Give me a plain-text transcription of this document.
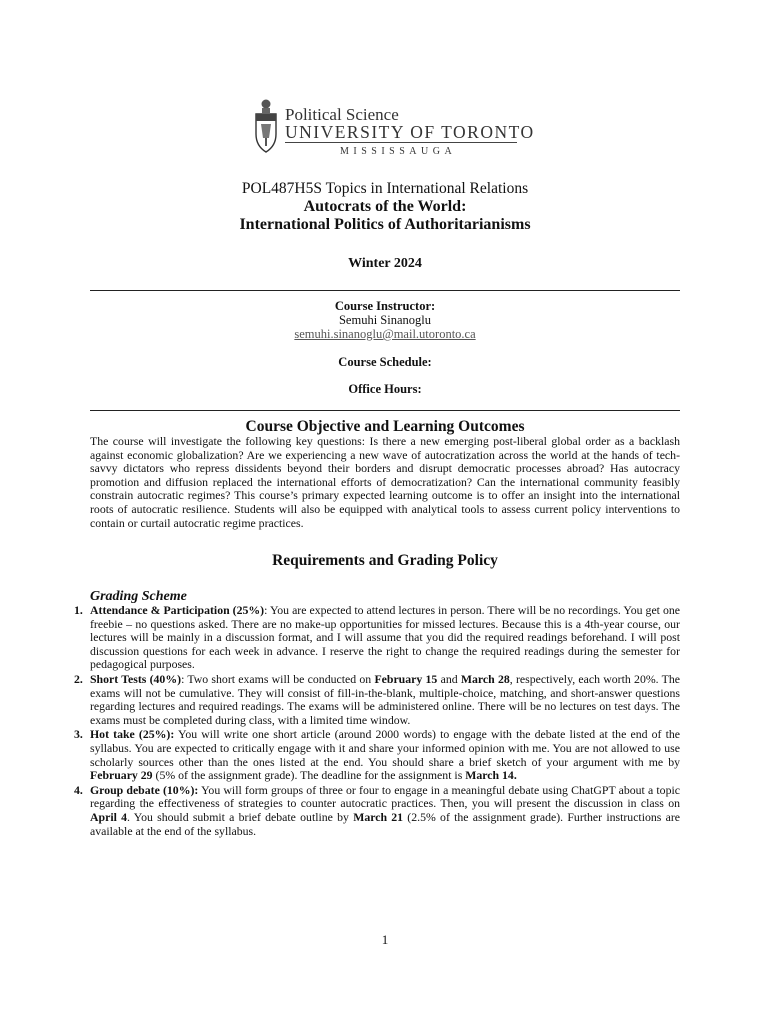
Political Science
UNIVERSITY OF TORONTO
MISSISSAUGA
POL487H5S Topics in International Relations
Autocrats of the World:
International Politics of Authoritarianisms
Winter 2024
Course Instructor:
Semuhi Sinanoglu
semuhi.sinanoglu@mail.utoronto.ca
Course Schedule:
Office Hours:
Course Objective and Learning Outcomes
The course will investigate the following key questions: Is there a new emerging post-liberal global order as a backlash against economic globalization? Are we experiencing a new wave of autocratization across the world at the hands of tech-savvy dictators who repress dissidents beyond their borders and disrupt democratic processes abroad? Has autocracy promotion and diffusion replaced the international efforts of democratization? Can the international community feasibly constrain autocratic regimes? This course’s primary expected learning outcome is to offer an insight into the international roots of autocratic resilience. Students will also be equipped with analytical tools to assess current policy interventions to contain or curtail autocratic regime practices.
Requirements and Grading Policy
Grading Scheme
1. Attendance & Participation (25%): You are expected to attend lectures in person. There will be no recordings. You get one freebie – no questions asked. There are no make-up opportunities for missed lectures. Because this is a 4th-year course, our lectures will be mainly in a discussion format, and I will assume that you did the required readings beforehand. I will post discussion questions for each week in advance. I reserve the right to change the required readings during the semester for pedagogical purposes.
2. Short Tests (40%): Two short exams will be conducted on February 15 and March 28, respectively, each worth 20%. The exams will not be cumulative. They will consist of fill-in-the-blank, multiple-choice, matching, and short-answer questions regarding lectures and required readings. The exams will be administered online. There will be no lectures on test days. The exams must be completed during class, with a limited time window.
3. Hot take (25%): You will write one short article (around 2000 words) to engage with the debate listed at the end of the syllabus. You are expected to critically engage with it and share your informed opinion with me. You are not allowed to use scholarly sources other than the ones listed at the end. You should share a brief sketch of your argument with me by February 29 (5% of the assignment grade). The deadline for the assignment is March 14.
4. Group debate (10%): You will form groups of three or four to engage in a meaningful debate using ChatGPT about a topic regarding the effectiveness of strategies to counter autocratic practices. Then, you will present the discussion in class on April 4. You should submit a brief debate outline by March 21 (2.5% of the assignment grade). Further instructions are available at the end of the syllabus.
1
